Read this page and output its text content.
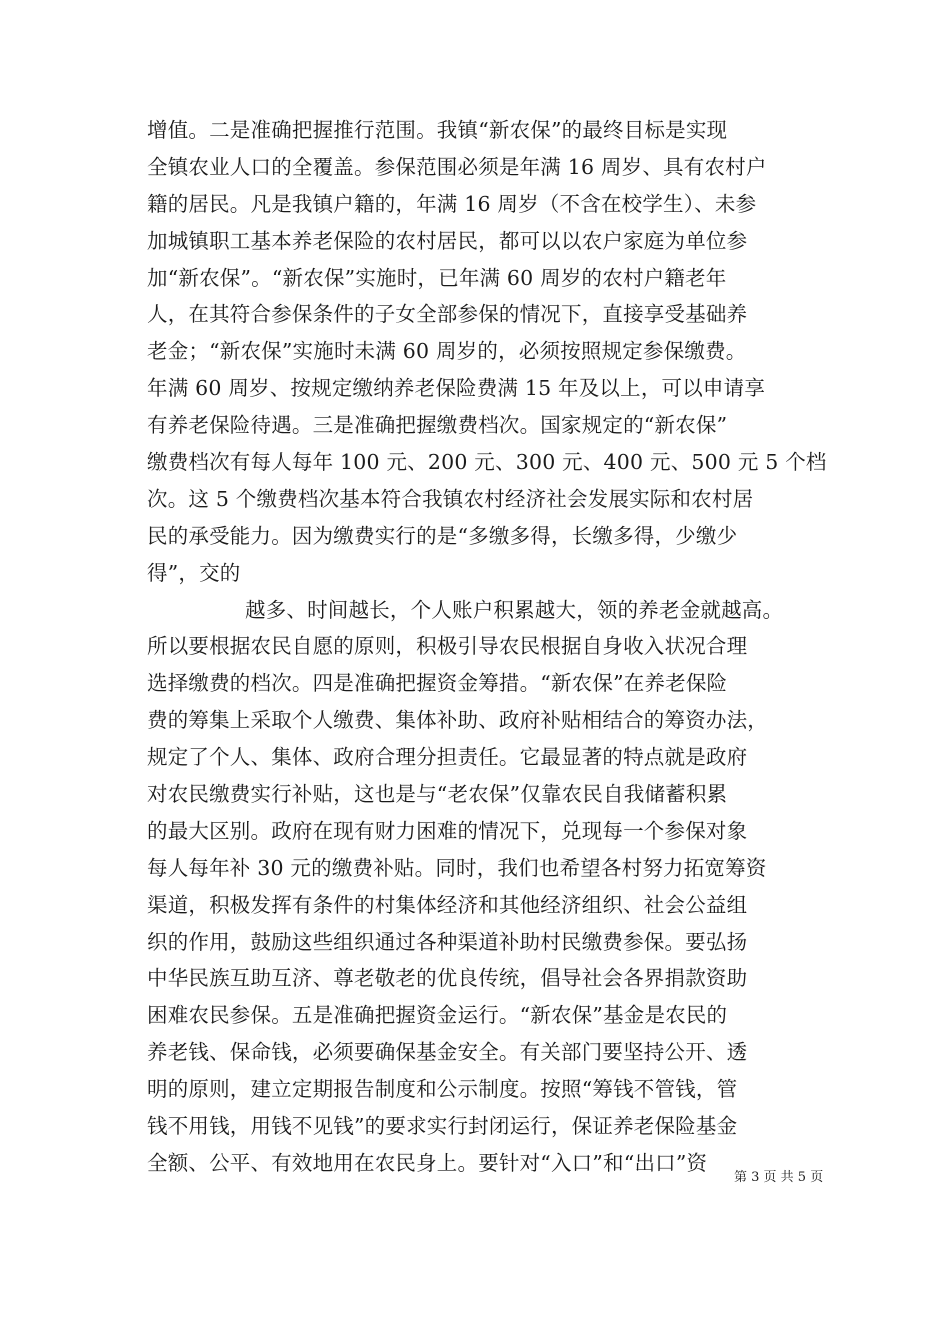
增值。二是准确把握推行范围。我镇“新农保”的最终目标是实现
全镇农业人口的全覆盖。参保范围必须是年满 16 周岁、具有农村户
籍的居民。凡是我镇户籍的，年满 16 周岁（不含在校学生）、未参
加城镇职工基本养老保险的农村居民，都可以以农户家庭为单位参
加“新农保”。“新农保”实施时，已年满 60 周岁的农村户籍老年
人，在其符合参保条件的子女全部参保的情况下，直接享受基础养
老金；“新农保”实施时未满 60 周岁的，必须按照规定参保缴费。
年满 60 周岁、按规定缴纳养老保险费满 15 年及以上，可以申请享
有养老保险待遇。三是准确把握缴费档次。国家规定的“新农保”
缴费档次有每人每年 100 元、200 元、300 元、400 元、500 元 5 个档
次。这 5 个缴费档次基本符合我镇农村经济社会发展实际和农村居
民的承受能力。因为缴费实行的是“多缴多得，长缴多得，少缴少
得”，交的
越多、时间越长，个人账户积累越大，领的养老金就越高。
所以要根据农民自愿的原则，积极引导农民根据自身收入状况合理
选择缴费的档次。四是准确把握资金筹措。“新农保”在养老保险
费的筹集上采取个人缴费、集体补助、政府补贴相结合的筹资办法，
规定了个人、集体、政府合理分担责任。它最显著的特点就是政府
对农民缴费实行补贴，这也是与“老农保”仅靠农民自我储蓄积累
的最大区别。政府在现有财力困难的情况下，兑现每一个参保对象
每人每年补 30 元的缴费补贴。同时，我们也希望各村努力拓宽筹资
渠道，积极发挥有条件的村集体经济和其他经济组织、社会公益组
织的作用，鼓励这些组织通过各种渠道补助村民缴费参保。要弘扬
中华民族互助互济、尊老敬老的优良传统，倡导社会各界捐款资助
困难农民参保。五是准确把握资金运行。“新农保”基金是农民的
养老钱、保命钱，必须要确保基金安全。有关部门要坚持公开、透
明的原则，建立定期报告制度和公示制度。按照“筹钱不管钱，管
钱不用钱，用钱不见钱”的要求实行封闭运行，保证养老保险基金
全额、公平、有效地用在农民身上。要针对“入口”和“出口”资
第 3 页 共 5 页
